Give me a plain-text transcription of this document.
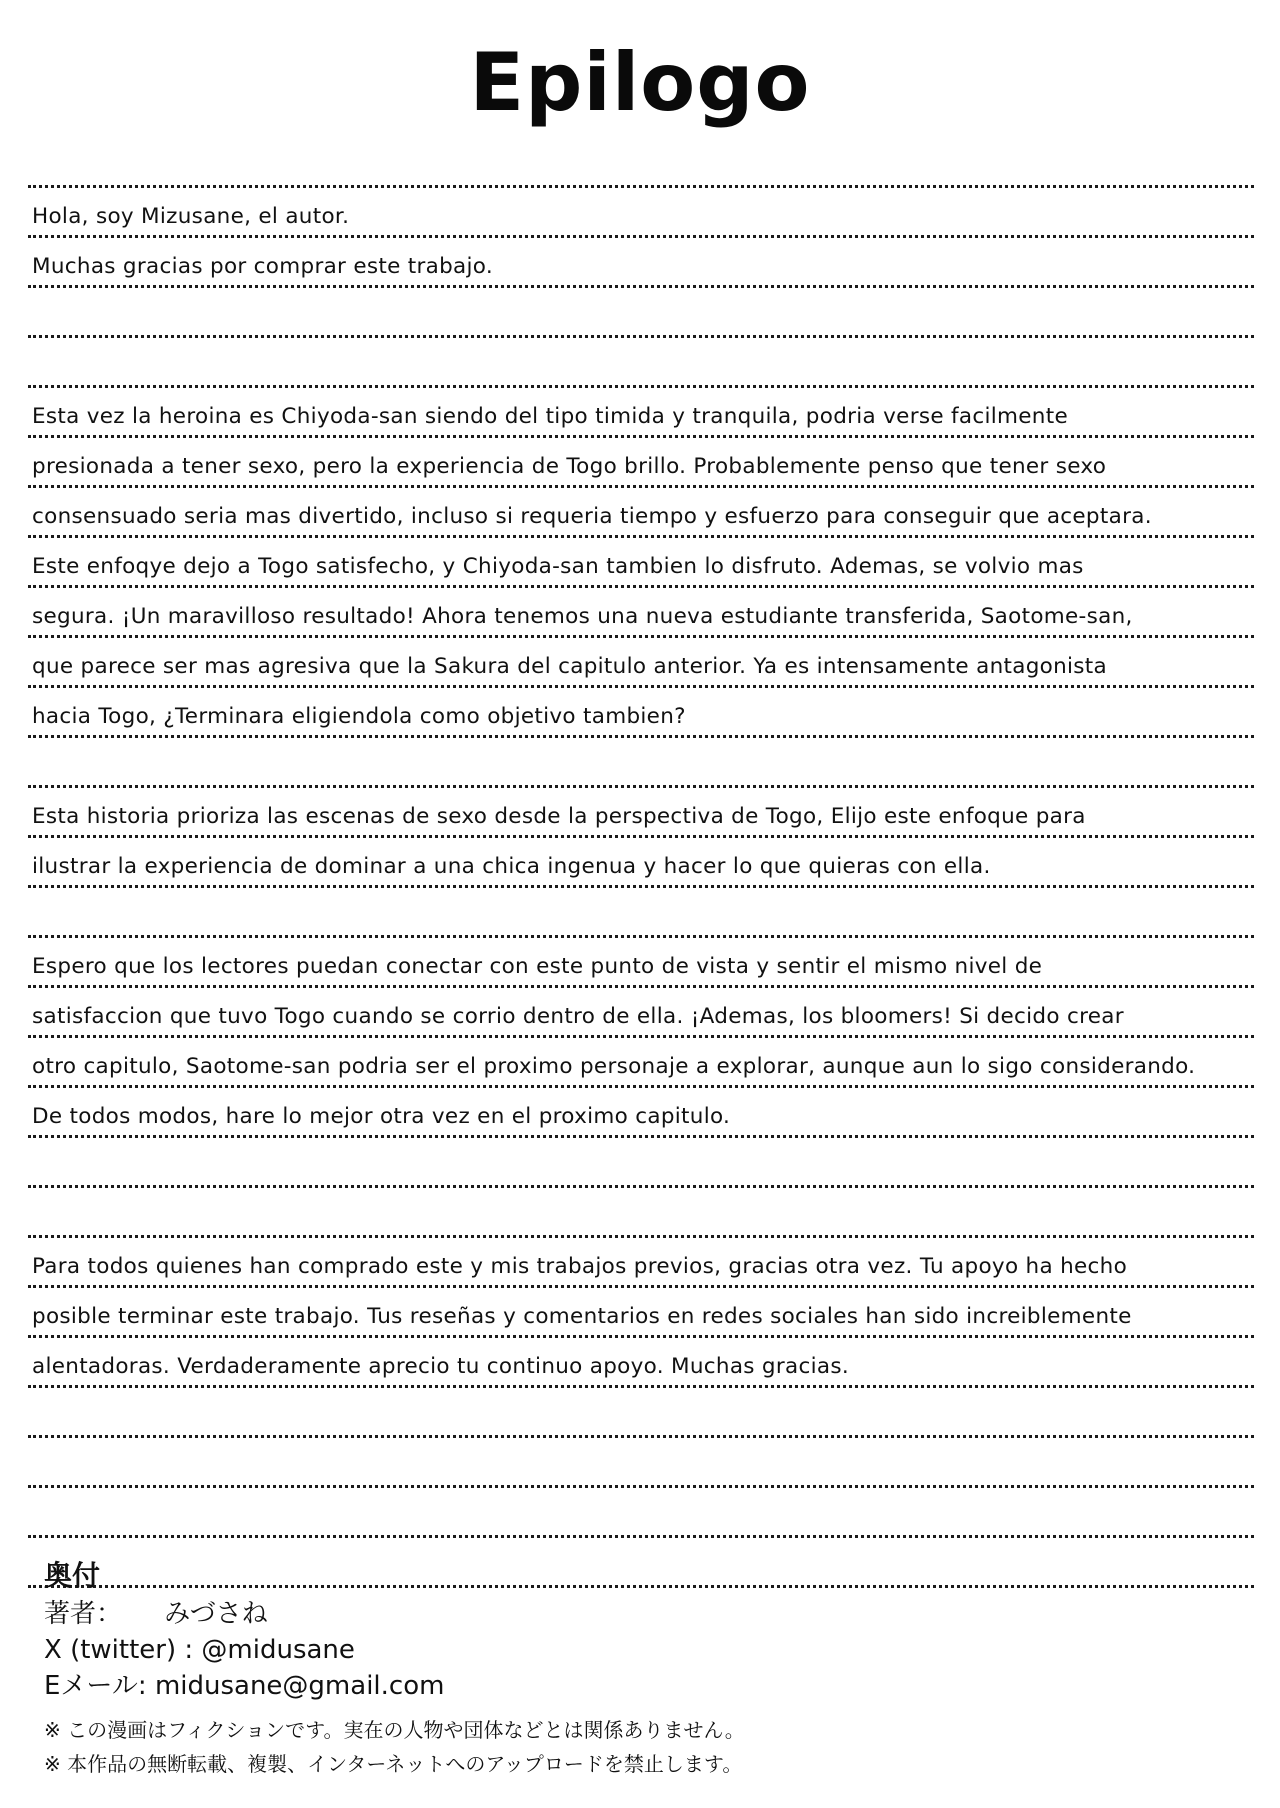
Epilogo
Hola, soy Mizusane, el autor.
Muchas gracias por comprar este trabajo.
Esta vez la heroina es Chiyoda-san siendo del tipo timida y tranquila, podria verse facilmente
presionada a tener sexo, pero la experiencia de Togo brillo. Probablemente penso que tener sexo
consensuado seria mas divertido, incluso si requeria tiempo y esfuerzo para conseguir que aceptara.
Este enfoqye dejo a Togo satisfecho, y Chiyoda-san tambien lo disfruto. Ademas, se volvio mas
segura. ¡Un maravilloso resultado! Ahora tenemos una nueva estudiante transferida, Saotome-san,
que parece ser mas agresiva que la Sakura del capitulo anterior. Ya es intensamente antagonista
hacia Togo, ¿Terminara eligiendola como objetivo tambien?
Esta historia prioriza las escenas de sexo desde la perspectiva de Togo, Elijo este enfoque para
ilustrar la experiencia de dominar a una chica ingenua y hacer lo que quieras con ella.
Espero que los lectores puedan conectar con este punto de vista y sentir el mismo nivel de
satisfaccion que tuvo Togo cuando se corrio dentro de ella. ¡Ademas, los bloomers! Si decido crear
otro capitulo, Saotome-san podria ser el proximo personaje a explorar, aunque aun lo sigo considerando.
De todos modos, hare lo mejor otra vez en el proximo capitulo.
Para todos quienes han comprado este y mis trabajos previos, gracias otra vez. Tu apoyo ha hecho
posible terminar este trabajo. Tus reseñas y comentarios en redes sociales han sido increiblemente
alentadoras. Verdaderamente aprecio tu continuo apoyo. Muchas gracias.
奥付
著者： みづさね
X (twitter) : @midusane
Eメール: midusane@gmail.com
※ この漫画はフィクションです。実在の人物や団体などとは関係ありません。
※ 本作品の無断転載、複製、インターネットへのアップロードを禁止します。
